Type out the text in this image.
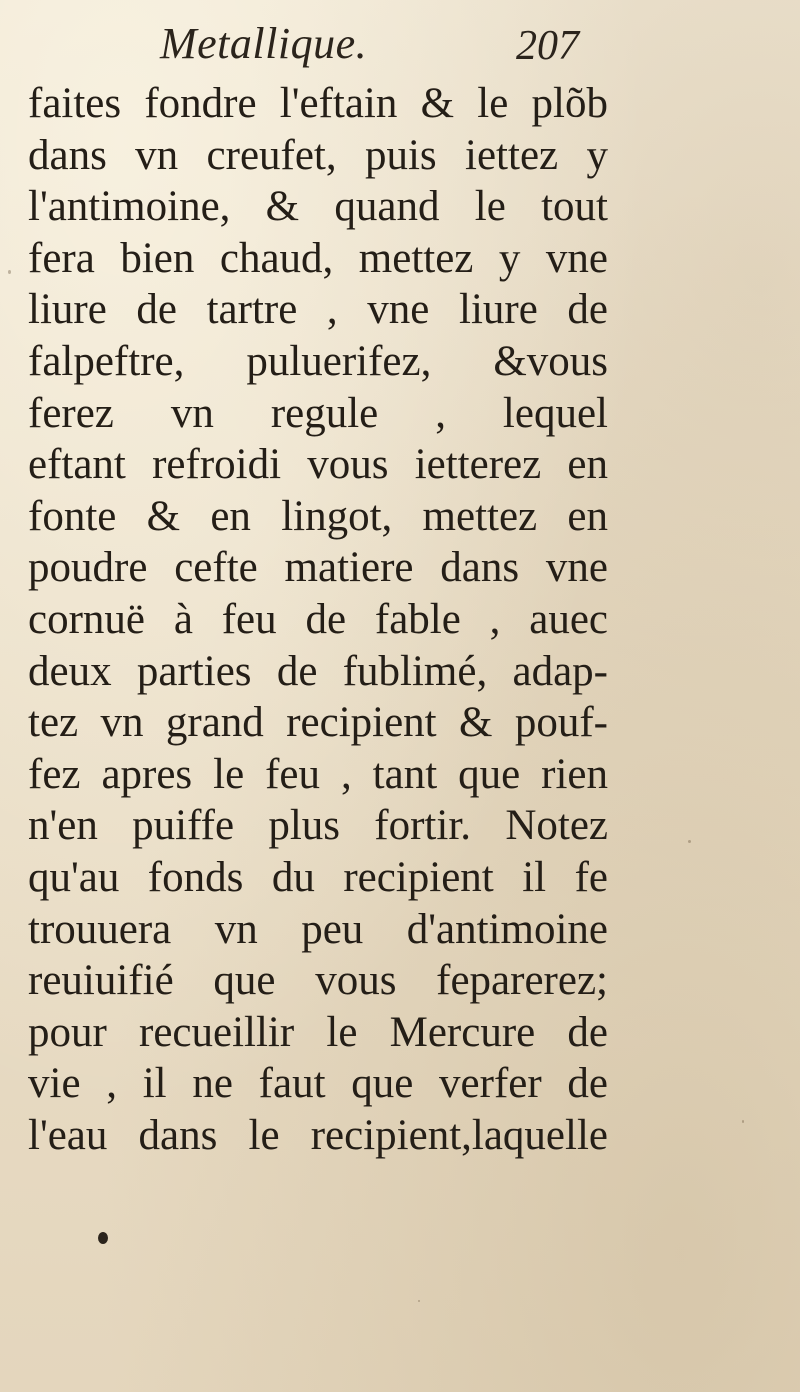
Metallique.	207
faites fondre l'eftain & le plõb
dans vn creufet, puis iettez y
l'antimoine, & quand le tout
fera bien chaud, mettez y vne
liure de tartre , vne liure de
falpeftre, puluerifez, &vous
ferez vn regule , lequel
eftant refroidi vous ietterez en
fonte & en lingot, mettez en
poudre cefte matiere dans vne
cornuë à feu de fable , auec
deux parties de fublimé, adap-
tez vn grand recipient & pouf-
fez apres le feu , tant que rien
n'en puiffe plus fortir. Notez
qu'au fonds du recipient il fe
trouuera vn peu d'antimoine
reuiuifié que vous feparerez;
pour recueillir le Mercure de
vie , il ne faut que verfer de
l'eau dans le recipient,laquelle
